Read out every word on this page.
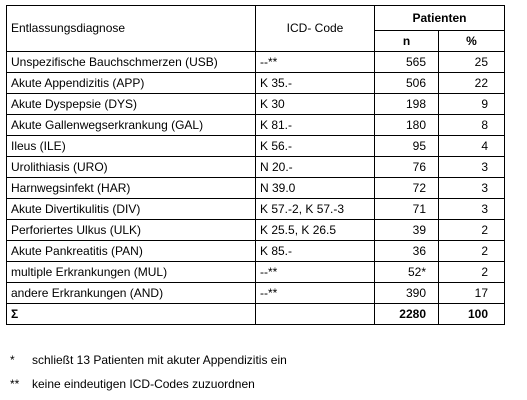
Entlassungsdiagnose	ICD- Code	Patienten	
		n	%
Unspezifische Bauchschmerzen (USB)	--**	565	25
Akute Appendizitis (APP)	K 35.-	506	22
Akute Dyspepsie (DYS)	K 30	198	9
Akute Gallenwegserkrankung (GAL)	K 81.-	180	8
Ileus (ILE)	K 56.-	95	4
Urolithiasis (URO)	N 20.-	76	3
Harnwegsinfekt (HAR)	N 39.0	72	3
Akute Divertikulitis (DIV)	K 57.-2, K 57.-3	71	3
Perforiertes Ulkus (ULK)	K 25.5, K 26.5	39	2
Akute Pankreatitis (PAN)	K 85.-	36	2
multiple Erkrankungen (MUL)	--**	52*	2
andere Erkrankungen (AND)	--**	390	17
Σ		2280	100
*	schließt 13 Patienten mit akuter Appendizitis ein
**	keine eindeutigen ICD-Codes zuzuordnen
